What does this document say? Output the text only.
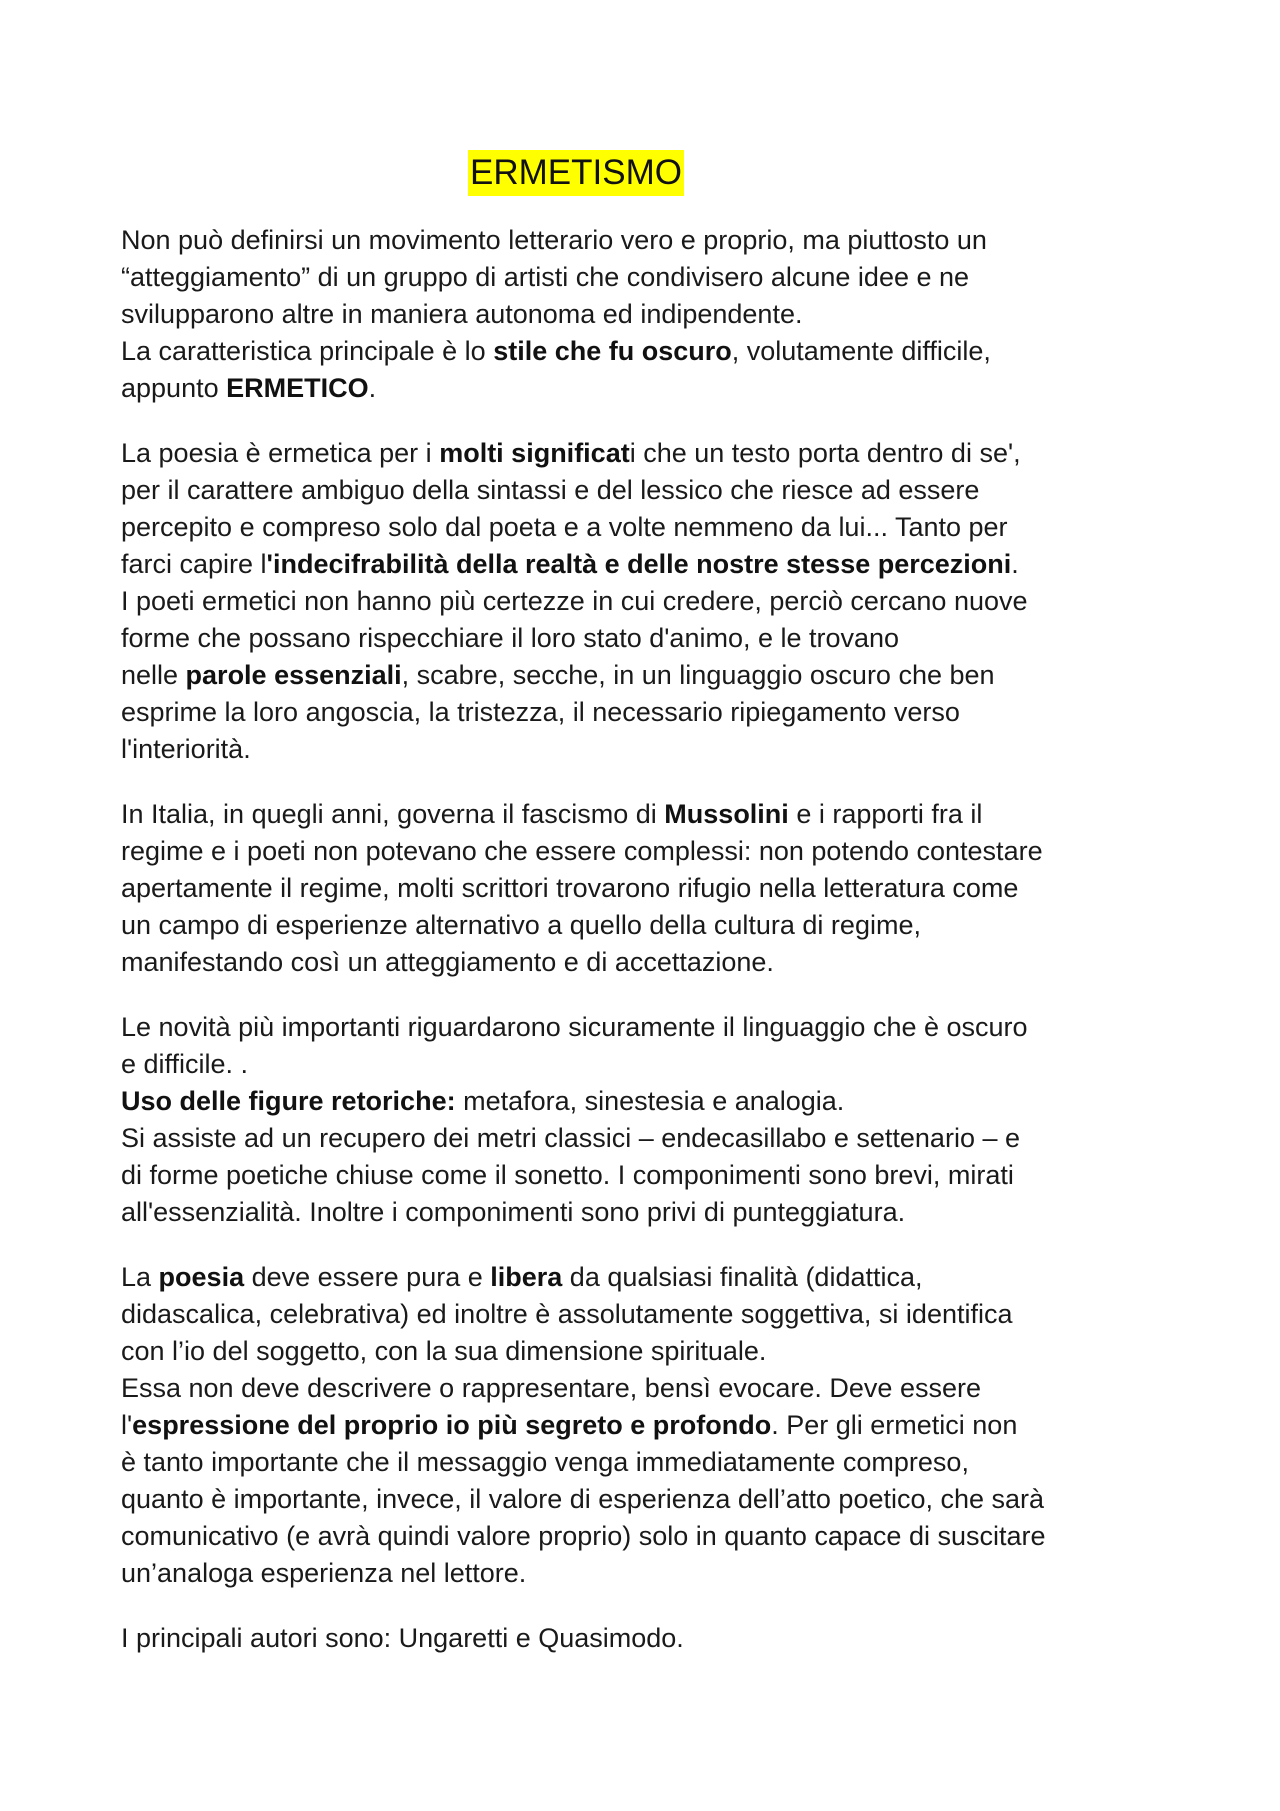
ERMETISMO
Non può definirsi un movimento letterario vero e proprio, ma piuttosto un
“atteggiamento” di un gruppo di artisti che condivisero alcune idee e ne
svilupparono altre in maniera autonoma ed indipendente.
La caratteristica principale è lo stile che fu oscuro, volutamente difficile,
appunto ERMETICO.
La poesia è ermetica per i molti significati che un testo porta dentro di se',
per il carattere ambiguo della sintassi e del lessico che riesce ad essere
percepito e compreso solo dal poeta e a volte nemmeno da lui... Tanto per
farci capire l'indecifrabilità della realtà e delle nostre stesse percezioni.
I poeti ermetici non hanno più certezze in cui credere, perciò cercano nuove
forme che possano rispecchiare il loro stato d'animo, e le trovano
nelle parole essenziali, scabre, secche, in un linguaggio oscuro che ben
esprime la loro angoscia, la tristezza, il necessario ripiegamento verso
l'interiorità.
In Italia, in quegli anni, governa il fascismo di Mussolini e i rapporti fra il
regime e i poeti non potevano che essere complessi: non potendo contestare
apertamente il regime, molti scrittori trovarono rifugio nella letteratura come
un campo di esperienze alternativo a quello della cultura di regime,
manifestando così un atteggiamento e di accettazione.
Le novità più importanti riguardarono sicuramente il linguaggio che è oscuro
e difficile. .
Uso delle figure retoriche: metafora, sinestesia e analogia.
Si assiste ad un recupero dei metri classici – endecasillabo e settenario – e
di forme poetiche chiuse come il sonetto. I componimenti sono brevi, mirati
all'essenzialità. Inoltre i componimenti sono privi di punteggiatura.
La poesia deve essere pura e libera da qualsiasi finalità (didattica,
didascalica, celebrativa) ed inoltre è assolutamente soggettiva, si identifica
con l’io del soggetto, con la sua dimensione spirituale.
Essa non deve descrivere o rappresentare, bensì evocare. Deve essere
l'espressione del proprio io più segreto e profondo. Per gli ermetici non
è tanto importante che il messaggio venga immediatamente compreso,
quanto è importante, invece, il valore di esperienza dell’atto poetico, che sarà
comunicativo (e avrà quindi valore proprio) solo in quanto capace di suscitare
un’analoga esperienza nel lettore.
I principali autori sono: Ungaretti e Quasimodo.
